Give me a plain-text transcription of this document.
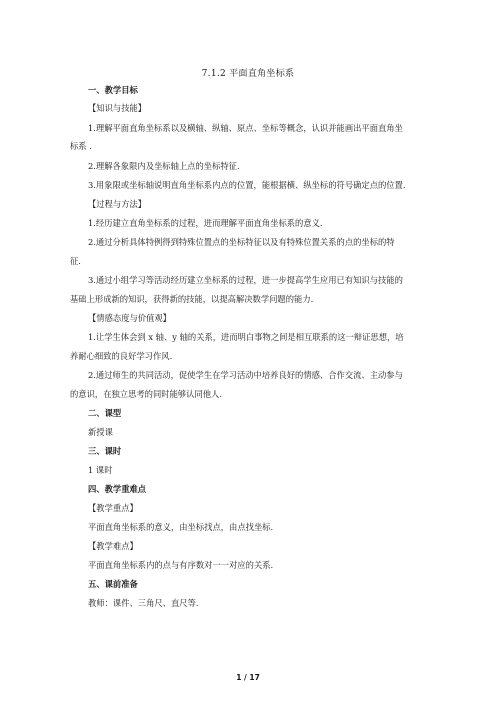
7.1.2 平面直角坐标系
一、教学目标
【知识与技能】
1.理解平面直角坐标系以及横轴、纵轴、原点、坐标等概念，认识并能画出平面直角坐
标系 .
2.理解各象限内及坐标轴上点的坐标特征.
3.用象限或坐标轴说明直角坐标系内点的位置，能根据横、纵坐标的符号确定点的位置.
【过程与方法】
1.经历建立直角坐标系的过程，进而理解平面直角坐标系的意义.
2.通过分析具体特例得到特殊位置点的坐标特征以及有特殊位置关系的点的坐标的特
征.
3.通过小组学习等活动经历建立坐标系的过程，进一步提高学生应用已有知识与技能的
基础上形成新的知识，获得新的技能，以提高解决数学问题的能力.
【情感态度与价值观】
1.让学生体会到 x 轴、y 轴的关系，进而明白事物之间是相互联系的这一辩证思想，培
养耐心细致的良好学习作风.
2.通过师生的共同活动，促使学生在学习活动中培养良好的情感、合作交流、主动参与
的意识，在独立思考的同时能够认同他人.
二、课型
新授课
三、课时
1 课时
四、教学重难点
【教学重点】
平面直角坐标系的意义，由坐标找点，由点找坐标.
【教学难点】
平面直角坐标系内的点与有序数对一一对应的关系.
五、课前准备
教师：课件、三角尺、直尺等.
1 / 17
